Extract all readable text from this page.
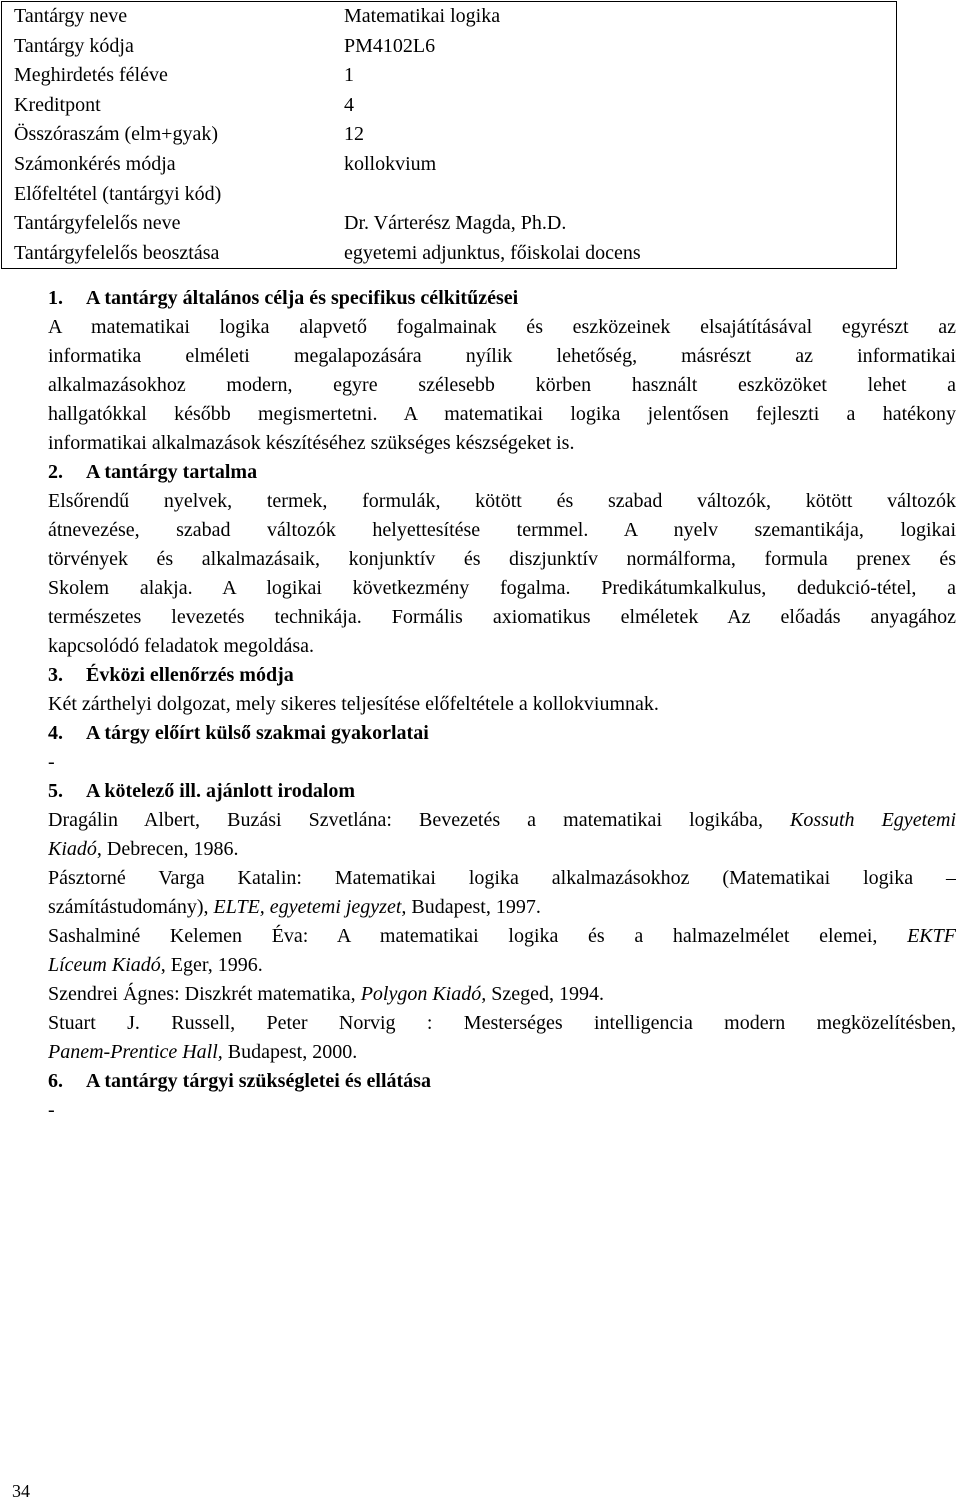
Tantárgy neve	Matematikai logika
Tantárgy kódja	PM4102L6
Meghirdetés féléve	1
Kreditpont	4
Összóraszám (elm+gyak)	12
Számonkérés módja	kollokvium
Előfeltétel (tantárgyi kód)	
Tantárgyfelelős neve	Dr. Várterész Magda, Ph.D.
Tantárgyfelelős beosztása	egyetemi adjunktus, főiskolai docens
1. A tantárgy általános célja és specifikus célkitűzései
A matematikai logika alapvető fogalmainak és eszközeinek elsajátításával egyrészt az
informatika elméleti megalapozására nyílik lehetőség, másrészt az informatikai
alkalmazásokhoz modern, egyre szélesebb körben használt eszközöket lehet a
hallgatókkal később megismertetni. A matematikai logika jelentősen fejleszti a hatékony
informatikai alkalmazások készítéséhez szükséges készségeket is.
2. A tantárgy tartalma
Elsőrendű nyelvek, termek, formulák, kötött és szabad változók, kötött változók
átnevezése, szabad változók helyettesítése termmel. A nyelv szemantikája, logikai
törvények és alkalmazásaik, konjunktív és diszjunktív normálforma, formula prenex és
Skolem alakja. A logikai következmény fogalma. Predikátumkalkulus, dedukció-tétel, a
természetes levezetés technikája. Formális axiomatikus elméletek Az előadás anyagához
kapcsolódó feladatok megoldása.
3. Évközi ellenőrzés módja
Két zárthelyi dolgozat, mely sikeres teljesítése előfeltétele a kollokviumnak.
4. A tárgy előírt külső szakmai gyakorlatai
-
5. A kötelező ill. ajánlott irodalom
Dragálin Albert, Buzási Szvetlána: Bevezetés a matematikai logikába, Kossuth Egyetemi
Kiadó, Debrecen, 1986.
Pásztorné Varga Katalin: Matematikai logika alkalmazásokhoz (Matematikai logika –
számítástudomány), ELTE, egyetemi jegyzet, Budapest, 1997.
Sashalminé Kelemen Éva: A matematikai logika és a halmazelmélet elemei, EKTF
Líceum Kiadó, Eger, 1996.
Szendrei Ágnes: Diszkrét matematika, Polygon Kiadó, Szeged, 1994.
Stuart J. Russell, Peter Norvig : Mesterséges intelligencia modern megközelítésben,
Panem-Prentice Hall, Budapest, 2000.
6. A tantárgy tárgyi szükségletei és ellátása
-
34
